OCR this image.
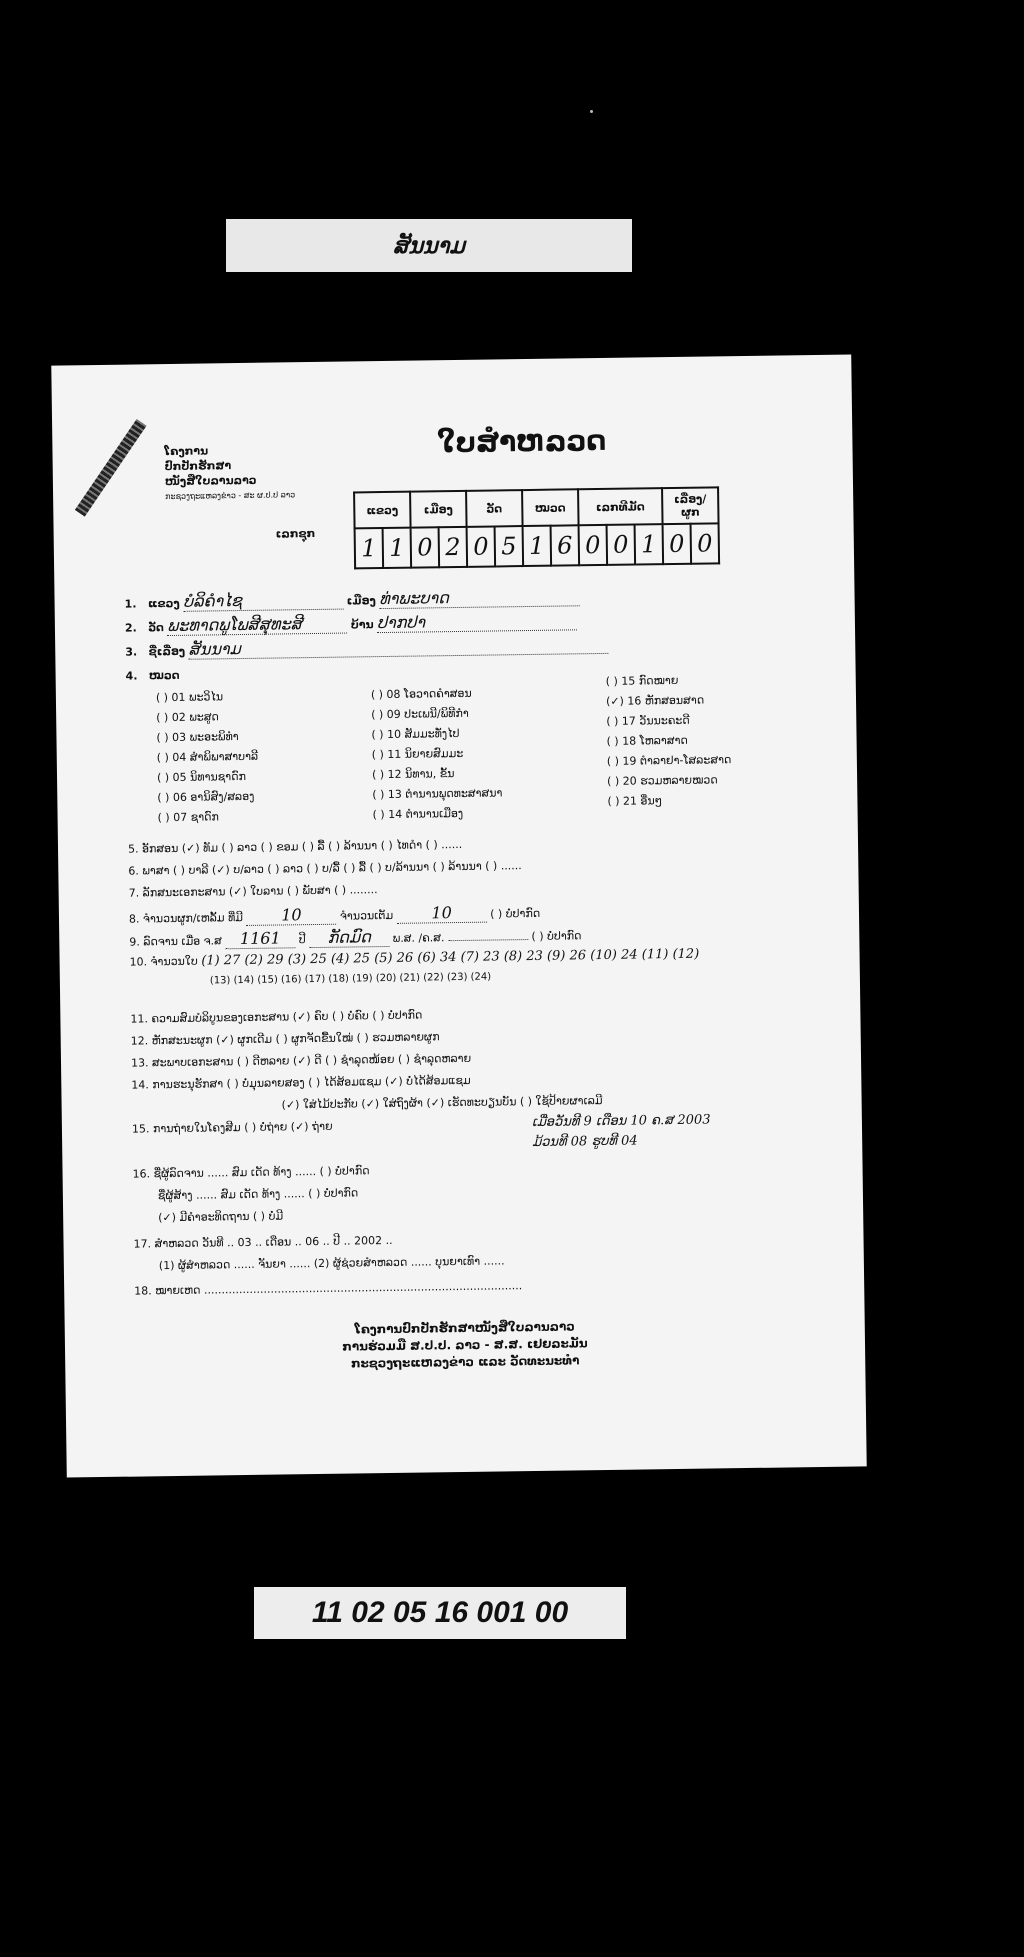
ສັນນາມ
ໂຄງການ
ປົກປັກຮັກສາ
ໜັງສືໃບລານລາວ
ກະຊວງຖະແຫລງຂ່າວ - ສະ ຜ.ປ.ປ ລາວ
ໃບສຳຫລວດ
ເລກຊຸກ
ແຂວງ		ເມືອງ		ວັດ		ໝວດ		ເລກທີມັດ			ເລື່ອງ/ຜູກ	
1	1	0	2	0	5	1	6	0	0	1	0	0
1.   ແຂວງ ບໍລິຄໍາໄຊ	ເມືອງ ທ່າພະບາດ
2.   ວັດ ພະທາດພູໂພສີສຸທະສີ	ບ້ານ ປາກປາ
3.   ຊື່ເລື່ອງ ສັນນາມ
4.   ໝວດ
( ) 01 ພະວິໄນ
( ) 02 ພະສູດ
( ) 03 ພະອະພິທໍາ
( ) 04 ສຳພິພາສາບາລີ
( ) 05 ນິທານຊາດົກ
( ) 06 ອານິສົງ/ສລອງ
( ) 07 ຊາດົກ
( ) 08 ໂອວາດຄໍາສອນ
( ) 09 ປະເພນີ/ພິທີກໍາ
( ) 10 ສັມມະທັ່ງໄປ
( ) 11 ນິຍາຍສົມມະ
( ) 12 ນິທານ, ຂັ້ນ
( ) 13 ຕໍານານພຸດທະສາສນາ
( ) 14 ຕໍານານເມືອງ
( ) 15 ກົດໝາຍ
(✓) 16 ຫັກສອນສາດ
( ) 17 ວັນນະຄະດີ
( ) 18 ໂຫລາສາດ
( ) 19 ຕຳລາຢາ-ໂສລະສາດ
( ) 20 ຮວມຫລາຍໝວດ
( ) 21 ອື່ນໆ
5. ອັກສອນ (✓) ທັມ ( ) ລາວ ( ) ຂອມ ( ) ລື້ ( ) ລ້ານນາ ( ) ໄທດໍາ ( ) ......
6. ພາສາ ( ) ບາລີ (✓) ບ/ລາວ ( ) ລາວ ( ) ບ/ລື້ ( ) ລື້ ( ) ບ/ລ້ານນາ ( ) ລ້ານນາ ( ) ......
7. ລັກສນະເອກະສານ (✓) ໃບລານ ( ) ພັບສາ ( ) ........
8. ຈຳນວນຜູກ/ເຫລັ້ມ ທີ່ມີ 10	ຈຳນວນເຕັມ 10	( ) ບໍ່ປາກົດ
9. ລົດຈານ ເມື່ອ ຈ.ສ 1161 ປີ ກັດມົດ ພ.ສ. /ຄ.ສ.	( ) ບໍ່ປາກົດ
10. ຈຳນວນໃບ (1) 27 (2) 29 (3) 25 (4) 25 (5) 26 (6) 34 (7) 23 (8) 23 (9) 26 (10) 24 (11) (12)
(13) (14) (15) (16) (17) (18) (19) (20) (21) (22) (23) (24)
11. ຄວາມສົມບໍລິບູນຂອງເອກະສານ (✓) ຄົບ ( ) ບໍ່ຄົບ ( ) ບໍ່ປາກົດ
12. ຫັກສະນະຜູກ (✓) ຜູກເດີມ ( ) ຜູກຈັດຂື້ນໃໝ່ ( ) ຮວມຫລາຍຜູກ
13. ສະພາບເອກະສານ ( ) ດີຫລາຍ (✓) ດີ ( ) ຊຳລຸດໜ້ອຍ ( ) ຊຳລຸດຫລາຍ
14. ການຮະນຸຮັກສາ ( ) ບໍ່ມຸນລາຍສອງ ( ) ໄດ້ສ້ອມແຊມ (✓) ບໍ່ໄດ້ສ້ອມແຊມ
(✓) ໃສ່ໄມ້ປະກັບ (✓) ໃສ່ຖົງຜ້າ (✓) ເຮັດທະບຽນບັນ ( ) ໃຊ້ປ້າຍຜາເລມີ
ເມື່ອວັນທີ 9 ເດືອນ 10 ຄ.ສ 2003
ມ້ວນທີ 08 ຮູບທີ 04
15. ການຖ່າຍໃນໂຄງສີມ ( ) ບໍ່ຖ່າຍ (✓) ຖ່າຍ
16. ຊື່ຜູ້ລົດຈານ ...... ສົມ ເດັດ ທ້າງ ...... ( ) ບໍ່ປາກົດ
ຊື່ຜູ້ສ້າງ ...... ສົມ ເດັດ ທ້າງ ...... ( ) ບໍ່ປາກົດ
(✓) ມີຄໍາອະທິດຖານ ( ) ບໍ່ມີ
17. ສຳຫລວດ ວັນທີ .. 03 .. ເດືອນ .. 06 .. ປີ .. 2002 ..
(1) ຜູ້ສຳຫລວດ ...... ຈັນຍາ ...... (2) ຜູ້ຊ່ວຍສຳຫລວດ ...... ບຸນຍາເທົາ ......
18. ໝາຍເຫດ ...........................................................................................
ໂຄງການປົກປັກຮັກສາໜັງສືໃບລານລາວ
ການຮ່ວມມື ສ.ປ.ປ. ລາວ - ສ.ສ. ເຢຍລະມັນ
ກະຊວງຖະແຫລງຂ່າວ ແລະ ວັດທະນະທຳ
11 02 05 16 001 00
